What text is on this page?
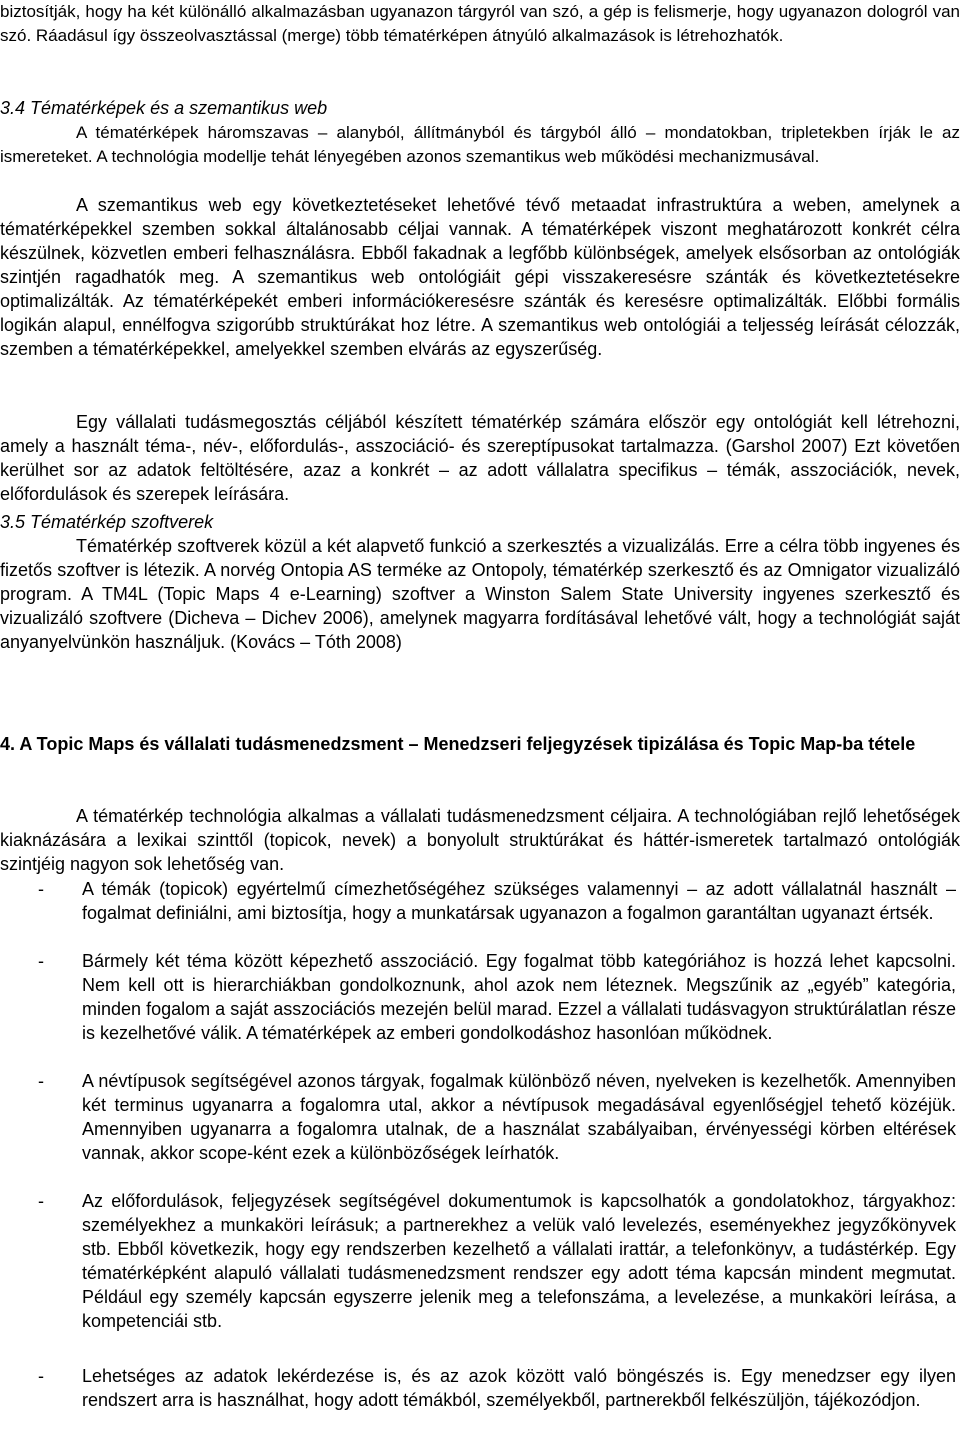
biztosítják, hogy ha két különálló alkalmazásban ugyanazon tárgyról van szó, a gép is felismerje, hogy ugyanazon dologról van szó. Ráadásul így összeolvasztással (merge) több tématérképen átnyúló alkalmazások is létrehozhatók.
3.4 Tématérképek és a szemantikus web
A tématérképek háromszavas – alanyból, állítmányból és tárgyból álló – mondatokban, tripletekben írják le az ismereteket. A technológia modellje tehát lényegében azonos szemantikus web működési mechanizmusával.
A szemantikus web egy következtetéseket lehetővé tévő metaadat infrastruktúra a weben, amelynek a tématérképekkel szemben sokkal általánosabb céljai vannak. A tématérképek viszont meghatározott konkrét célra készülnek, közvetlen emberi felhasználásra. Ebből fakadnak a legfőbb különbségek, amelyek elsősorban az ontológiák szintjén ragadhatók meg. A szemantikus web ontológiáit gépi visszakeresésre szánták és következtetésekre optimalizálták. Az tématérképekét emberi információkeresésre szánták és keresésre optimalizálták. Előbbi formális logikán alapul, ennélfogva szigorúbb struktúrákat hoz létre. A szemantikus web ontológiái a teljesség leírását célozzák, szemben a tématérképekkel, amelyekkel szemben elvárás az egyszerűség.
Egy vállalati tudásmegosztás céljából készített tématérkép számára először egy ontológiát kell létrehozni, amely a használt téma-, név-, előfordulás-, asszociáció- és szereptípusokat tartalmazza. (Garshol 2007) Ezt követően kerülhet sor az adatok feltöltésére, azaz a konkrét – az adott vállalatra specifikus – témák, asszociációk, nevek, előfordulások és szerepek leírására.
3.5 Tématérkép szoftverek
Tématérkép szoftverek közül a két alapvető funkció a szerkesztés a vizualizálás. Erre a célra több ingyenes és fizetős szoftver is létezik. A norvég Ontopia AS terméke az Ontopoly, tématérkép szerkesztő és az Omnigator vizualizáló program. A TM4L (Topic Maps 4 e-Learning) szoftver a Winston Salem State University ingyenes szerkesztő és vizualizáló szoftvere (Dicheva – Dichev 2006), amelynek magyarra fordításával lehetővé vált, hogy a technológiát saját anyanyelvünkön használjuk. (Kovács – Tóth 2008)
4. A Topic Maps és vállalati tudásmenedzsment – Menedzseri feljegyzések tipizálása és Topic Map-ba tétele
A tématérkép technológia alkalmas a vállalati tudásmenedzsment céljaira. A technológiában rejlő lehetőségek kiaknázására a lexikai szinttől (topicok, nevek) a bonyolult struktúrákat és háttér-ismeretek tartalmazó ontológiák szintjéig nagyon sok lehetőség van.
- A témák (topicok) egyértelmű címezhetőségéhez szükséges valamennyi – az adott vállalatnál használt – fogalmat definiálni, ami biztosítja, hogy a munkatársak ugyanazon a fogalmon garantáltan ugyanazt értsék.
- Bármely két téma között képezhető asszociáció. Egy fogalmat több kategóriához is hozzá lehet kapcsolni. Nem kell ott is hierarchiákban gondolkoznunk, ahol azok nem léteznek. Megszűnik az „egyéb” kategória, minden fogalom a saját asszociációs mezején belül marad. Ezzel a vállalati tudásvagyon struktúrálatlan része is kezelhetővé válik. A tématérképek az emberi gondolkodáshoz hasonlóan működnek.
- A névtípusok segítségével azonos tárgyak, fogalmak különböző néven, nyelveken is kezelhetők. Amennyiben két terminus ugyanarra a fogalomra utal, akkor a névtípusok megadásával egyenlőségjel tehető közéjük. Amennyiben ugyanarra a fogalomra utalnak, de a használat szabályaiban, érvényességi körben eltérések vannak, akkor scope-ként ezek a különbözőségek leírhatók.
- Az előfordulások, feljegyzések segítségével dokumentumok is kapcsolhatók a gondolatokhoz, tárgyakhoz: személyekhez a munkaköri leírásuk; a partnerekhez a velük való levelezés, eseményekhez jegyzőkönyvek stb. Ebből következik, hogy egy rendszerben kezelhető a vállalati irattár, a telefonkönyv, a tudástérkép. Egy tématérképként alapuló vállalati tudásmenedzsment rendszer egy adott téma kapcsán mindent megmutat. Például egy személy kapcsán egyszerre jelenik meg a telefonszáma, a levelezése, a munkaköri leírása, a kompetenciái stb.
- Lehetséges az adatok lekérdezése is, és az azok között való böngészés is. Egy menedzser egy ilyen rendszert arra is használhat, hogy adott témákból, személyekből, partnerekből felkészüljön, tájékozódjon.
